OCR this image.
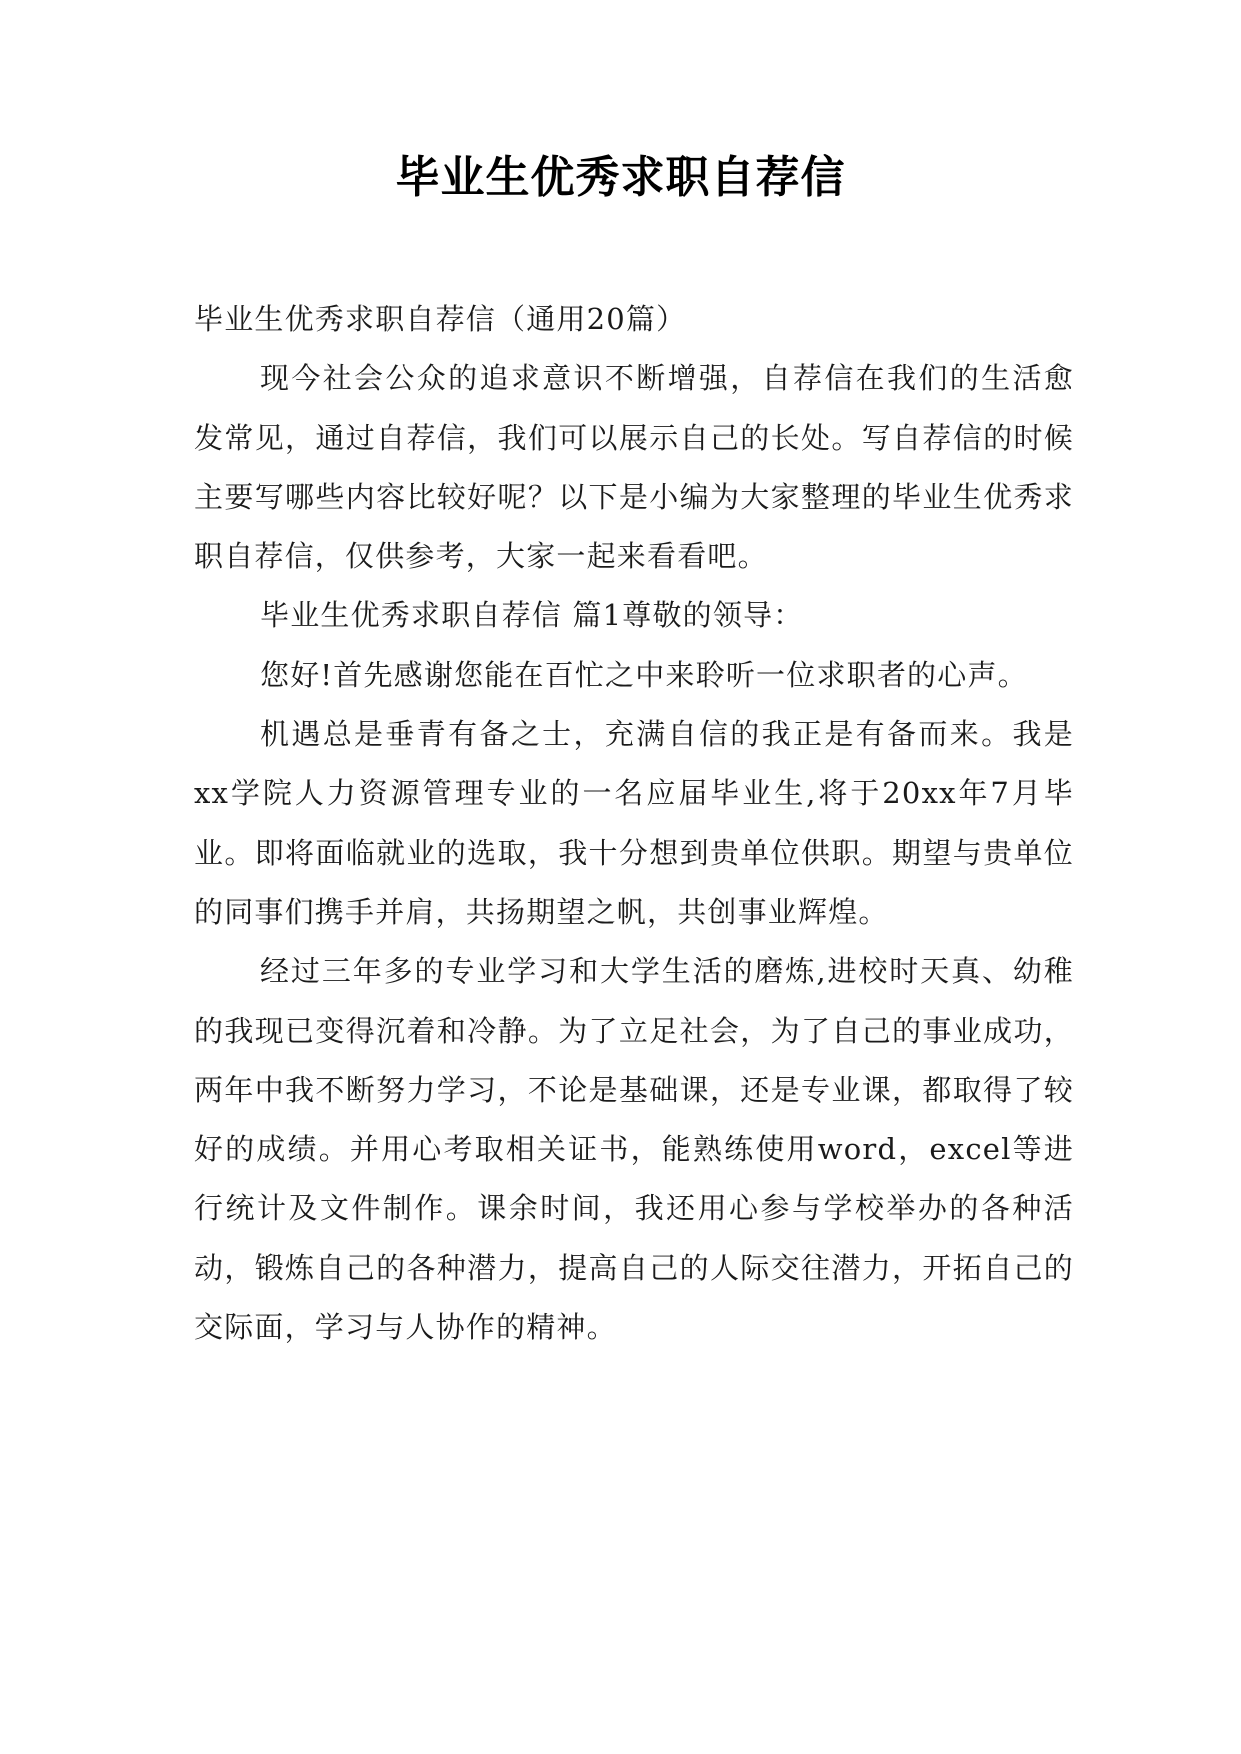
毕业生优秀求职自荐信

毕业生优秀求职自荐信（通用20篇）

现今社会公众的追求意识不断增强，自荐信在我们的生活愈发常见，通过自荐信，我们可以展示自己的长处。写自荐信的时候主要写哪些内容比较好呢？以下是小编为大家整理的毕业生优秀求职自荐信，仅供参考，大家一起来看看吧。

毕业生优秀求职自荐信 篇1尊敬的领导：

您好!首先感谢您能在百忙之中来聆听一位求职者的心声。

机遇总是垂青有备之士，充满自信的我正是有备而来。我是xx学院人力资源管理专业的一名应届毕业生,将于20xx年7月毕业。即将面临就业的选取，我十分想到贵单位供职。期望与贵单位的同事们携手并肩，共扬期望之帆，共创事业辉煌。

经过三年多的专业学习和大学生活的磨炼,进校时天真、幼稚的我现已变得沉着和冷静。为了立足社会，为了自己的事业成功，两年中我不断努力学习，不论是基础课，还是专业课，都取得了较好的成绩。并用心考取相关证书，能熟练使用word，excel等进行统计及文件制作。课余时间，我还用心参与学校举办的各种活动，锻炼自己的各种潜力，提高自己的人际交往潜力，开拓自己的交际面，学习与人协作的精神。
